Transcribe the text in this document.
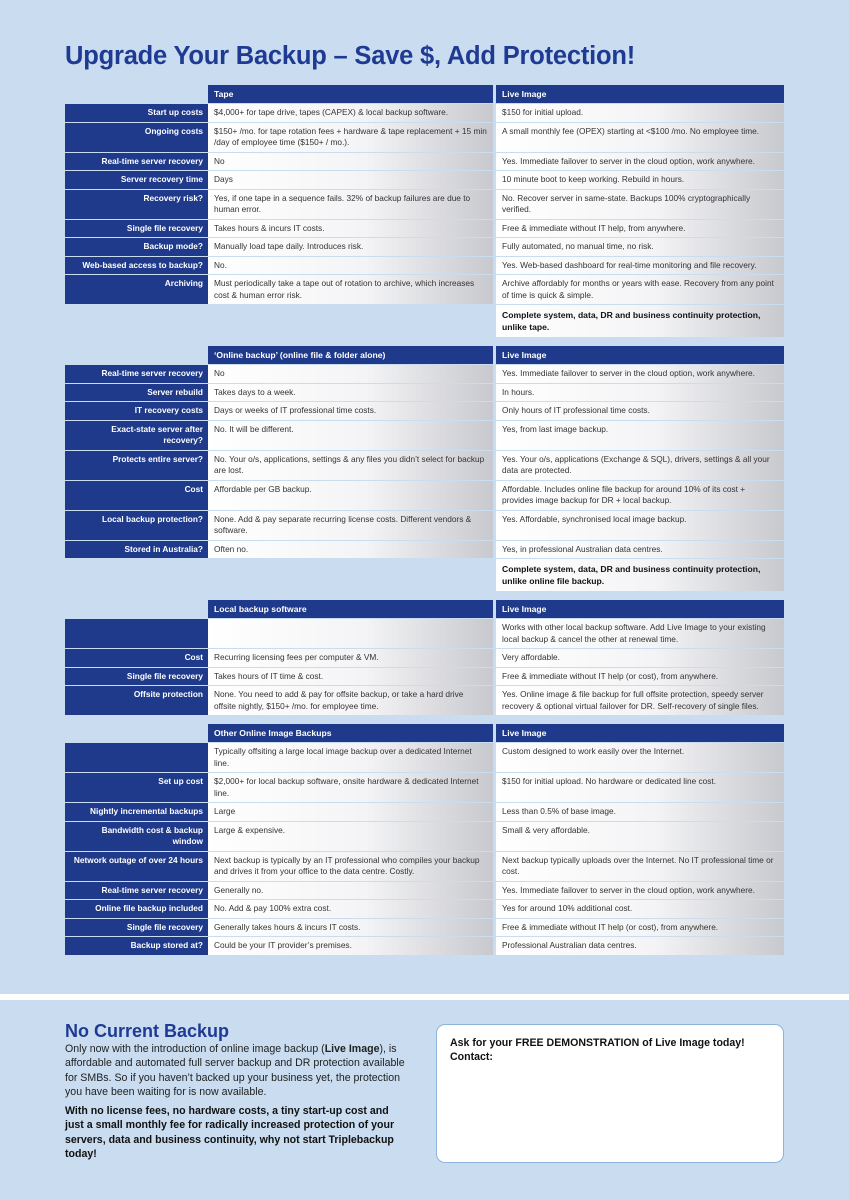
Upgrade Your Backup – Save $, Add Protection!
	Tape	Live Image
Start up costs	$4,000+ for tape drive, tapes (CAPEX) & local backup software.	$150 for initial upload.
Ongoing costs	$150+ /mo. for tape rotation fees + hardware & tape replacement + 15 min /day of employee time ($150+ / mo.).	A small monthly fee (OPEX) starting at <$100 /mo. No employee time.
Real-time server recovery	No	Yes. Immediate failover to server in the cloud option, work anywhere.
Server recovery time	Days	10 minute boot to keep working. Rebuild in hours.
Recovery risk?	Yes, if one tape in a sequence fails. 32% of backup failures are due to human error.	No. Recover server in same-state. Backups 100% cryptographically verified.
Single file recovery	Takes hours & incurs IT costs.	Free & immediate without IT help, from anywhere.
Backup mode?	Manually load tape daily. Introduces risk.	Fully automated, no manual time, no risk.
Web-based access to backup?	No.	Yes. Web-based dashboard for real-time monitoring and file recovery.
Archiving	Must periodically take a tape out of rotation to archive, which increases cost & human error risk.	Archive affordably for months or years with ease. Recovery from any point of time is quick & simple.
		Complete system, data, DR and business continuity protection, unlike tape.
	‘Online backup’ (online file & folder alone)	Live Image
Real-time server recovery	No	Yes. Immediate failover to server in the cloud option, work anywhere.
Server rebuild	Takes days to a week.	In hours.
IT recovery costs	Days or weeks of IT professional time costs.	Only hours of IT professional time costs.
Exact-state server after recovery?	No. It will be different.	Yes, from last image backup.
Protects entire server?	No. Your o/s, applications, settings & any files you didn’t select for backup are lost.	Yes. Your o/s, applications (Exchange & SQL), drivers, settings & all your data are protected.
Cost	Affordable per GB backup.	Affordable. Includes online file backup for around 10% of its cost + provides image backup for DR + local backup.
Local backup protection?	None. Add & pay separate recurring license costs. Different vendors & software.	Yes. Affordable, synchronised local image backup.
Stored in Australia?	Often no.	Yes, in professional Australian data centres.
		Complete system, data, DR and business continuity protection, unlike online file backup.
	Local backup software	Live Image
		Works with other local backup software. Add Live Image to your existing local backup & cancel the other at renewal time.
Cost	Recurring licensing fees per computer & VM.	Very affordable.
Single file recovery	Takes hours of IT time & cost.	Free & immediate without IT help (or cost), from anywhere.
Offsite protection	None. You need to add & pay for offsite backup, or take a hard drive offsite nightly, $150+ /mo. for employee time.	Yes. Online image & file backup for full offsite protection, speedy server recovery & optional virtual failover for DR. Self-recovery of single files.
	Other Online Image Backups	Live Image
	Typically offsiting a large local image backup over a dedicated Internet line.	Custom designed to work easily over the Internet.
Set up cost	$2,000+ for local backup software, onsite hardware & dedicated Internet line.	$150 for initial upload. No hardware or dedicated line cost.
Nightly incremental backups	Large	Less than 0.5% of base image.
Bandwidth cost & backup window	Large & expensive.	Small & very affordable.
Network outage of over 24 hours	Next backup is typically by an IT professional who compiles your backup and drives it from your office to the data centre. Costly.	Next backup typically uploads over the Internet. No IT professional time or cost.
Real-time server recovery	Generally no.	Yes. Immediate failover to server in the cloud option, work anywhere.
Online file backup included	No. Add & pay 100% extra cost.	Yes for around 10% additional cost.
Single file recovery	Generally takes hours & incurs IT costs.	Free & immediate without IT help (or cost), from anywhere.
Backup stored at?	Could be your IT provider’s premises.	Professional Australian data centres.
No Current Backup
Only now with the introduction of online image backup (Live Image), is affordable and automated full server backup and DR protection available for SMBs. So if you haven’t backed up your business yet, the protection you have been waiting for is now available.
With no license fees, no hardware costs, a tiny start-up cost and just a small monthly fee for radically increased protection of your servers, data and business continuity, why not start Triplebackup today!
Ask for your FREE DEMONSTRATION of Live Image today!
Contact:
